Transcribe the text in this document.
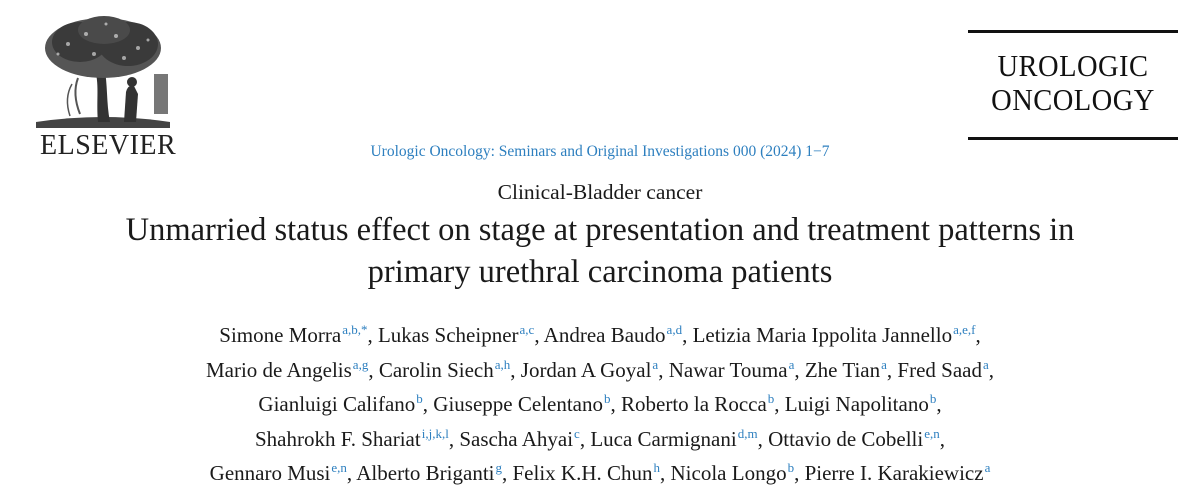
ELSEVIER
UROLOGIC
ONCOLOGY
Urologic Oncology: Seminars and Original Investigations 000 (2024) 1−7
Clinical-Bladder cancer
Unmarried status effect on stage at presentation and treatment patterns in
primary urethral carcinoma patients
Simone Morra$^{a,b,*}$, Lukas Scheipner$^{a,c}$, Andrea Baudo$^{a,d}$, Letizia Maria Ippolita Jannello$^{a,e,f}$,
Mario de Angelis$^{a,g}$, Carolin Siech$^{a,h}$, Jordan A Goyal$^a$, Nawar Touma$^a$, Zhe Tian$^a$, Fred Saad$^a$,
Gianluigi Califano$^b$, Giuseppe Celentano$^b$, Roberto la Rocca$^b$, Luigi Napolitano$^b$,
Shahrokh F. Shariat$^{i,j,k,l}$, Sascha Ahyai$^c$, Luca Carmignani$^{d,m}$, Ottavio de Cobelli$^{e,n}$,
Gennaro Musi$^{e,n}$, Alberto Briganti$^g$, Felix K.H. Chun$^h$, Nicola Longo$^b$, Pierre I. Karakiewicz$^a$
